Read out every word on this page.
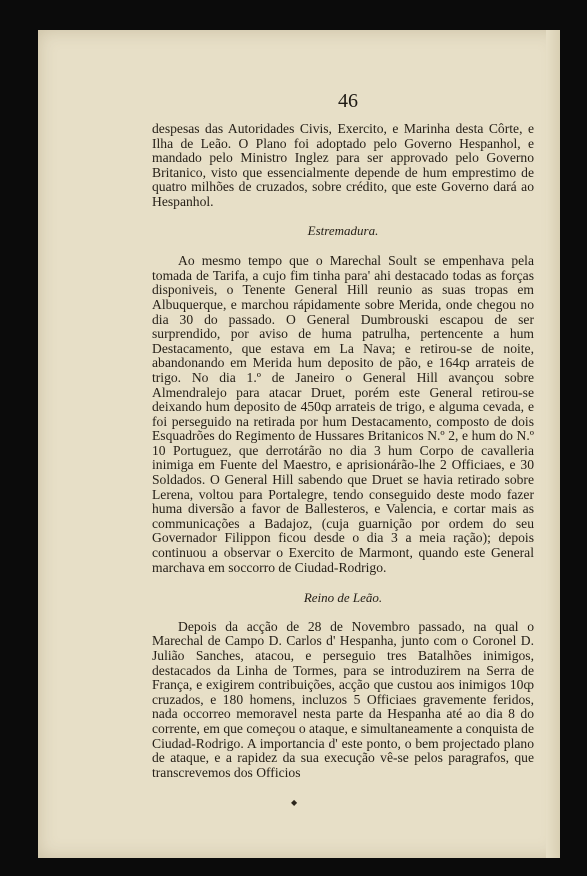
46

despesas das Autoridades Civis, Exercito, e Marinha desta Côrte, e Ilha de Leão. O Plano foi adoptado pelo Governo Hespanhol, e mandado pelo Ministro Inglez para ser approvado pelo Governo Britanico, visto que essencialmente depende de hum emprestimo de quatro milhões de cruzados, sobre crédito, que este Governo dará ao Hespanhol.

Estremadura.

Ao mesmo tempo que o Marechal Soult se empenhava pela tomada de Tarifa, a cujo fim tinha para' ahi destacado todas as forças disponiveis, o Tenente General Hill reunio as suas tropas em Albuquerque, e marchou rápidamente sobre Merida, onde chegou no dia 30 do passado. O General Dumbrouski escapou de ser surprendido, por aviso de huma patrulha, pertencente a hum Destacamento, que estava em La Nava; e retirou-se de noite, abandonando em Merida hum deposito de pão, e 164ȹ arrateis de trigo. No dia 1.º de Janeiro o General Hill avançou sobre Almendralejo para atacar Druet, porém este General retirou-se deixando hum deposito de 450ȹ arrateis de trigo, e alguma cevada, e foi perseguido na retirada por hum Destacamento, composto de dois Esquadrões do Regimento de Hussares Britanicos N.º 2, e hum do N.º 10 Portuguez, que derrotárão no dia 3 hum Corpo de cavalleria inimiga em Fuente del Maestro, e aprisionárão-lhe 2 Officiaes, e 30 Soldados. O General Hill sabendo que Druet se havia retirado sobre Lerena, voltou para Portalegre, tendo conseguido deste modo fazer huma diversão a favor de Ballesteros, e Valencia, e cortar mais as communicações a Badajoz, (cuja guarnição por ordem do seu Governador Filippon ficou desde o dia 3 a meia ração); depois continuou a observar o Exercito de Marmont, quando este General marchava em soccorro de Ciudad-Rodrigo.

Reino de Leão.

Depois da acção de 28 de Novembro passado, na qual o Marechal de Campo D. Carlos d' Hespanha, junto com o Coronel D. Julião Sanches, atacou, e perseguio tres Batalhões inimigos, destacados da Linha de Tormes, para se introduzirem na Serra de França, e exigirem contribuições, acção que custou aos inimigos 10ȹ cruzados, e 180 homens, incluzos 5 Officiaes gravemente feridos, nada occorreo memoravel nesta parte da Hespanha até ao dia 8 do corrente, em que começou o ataque, e simultaneamente a conquista de Ciudad-Rodrigo. A importancia d' este ponto, o bem projectado plano de ataque, e a rapidez da sua execução vê-se pelos paragrafos, que transcrevemos dos Officios

◆
